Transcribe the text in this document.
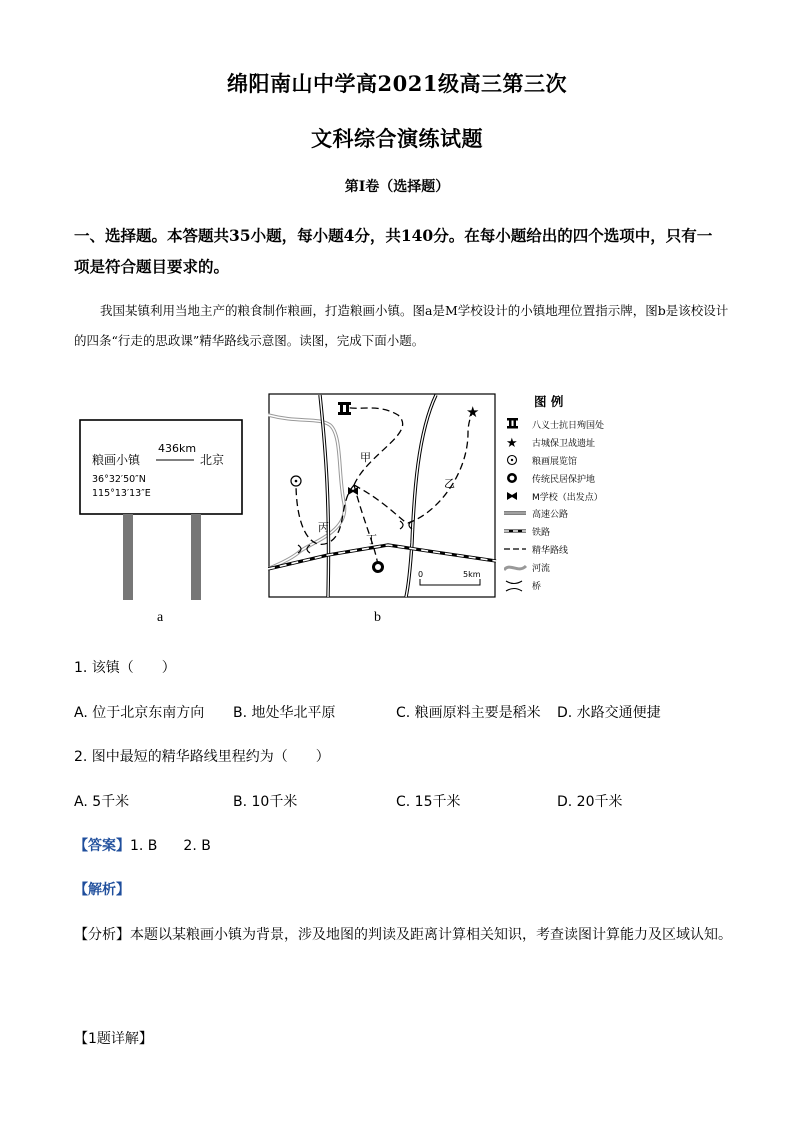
绵阳南山中学高2021级高三第三次
文科综合演练试题
第I卷（选择题）
一、选择题。本答题共35小题，每小题4分，共140分。在每小题给出的四个选项中，只有一项是符合题目要求的。
我国某镇利用当地主产的粮食制作粮画，打造粮画小镇。图a是M学校设计的小镇地理位置指示牌，图b是该校设计的四条“行走的思政课”精华路线示意图。读图，完成下面小题。
436km
粮画小镇	北京
36°32′50″N
115°13′13″E
a
★
甲
乙
丙
丁
0	5km
b
图 例
八义士抗日殉国处
★ 古城保卫战遗址
粮画展览馆
传统民居保护地
M学校（出发点）
高速公路
铁路
精华路线
河流
桥
1. 该镇（　　）
A. 位于北京东南方向 B. 地处华北平原	C. 粮画原料主要是稻米 D. 水路交通便捷
2. 图中最短的精华路线里程约为（　　）
A. 5千米	B. 10千米	C. 15千米	D. 20千米
【答案】1. B 2. B
【解析】
【分析】本题以某粮画小镇为背景，涉及地图的判读及距离计算相关知识，考查读图计算能力及区域认知。
【1题详解】
